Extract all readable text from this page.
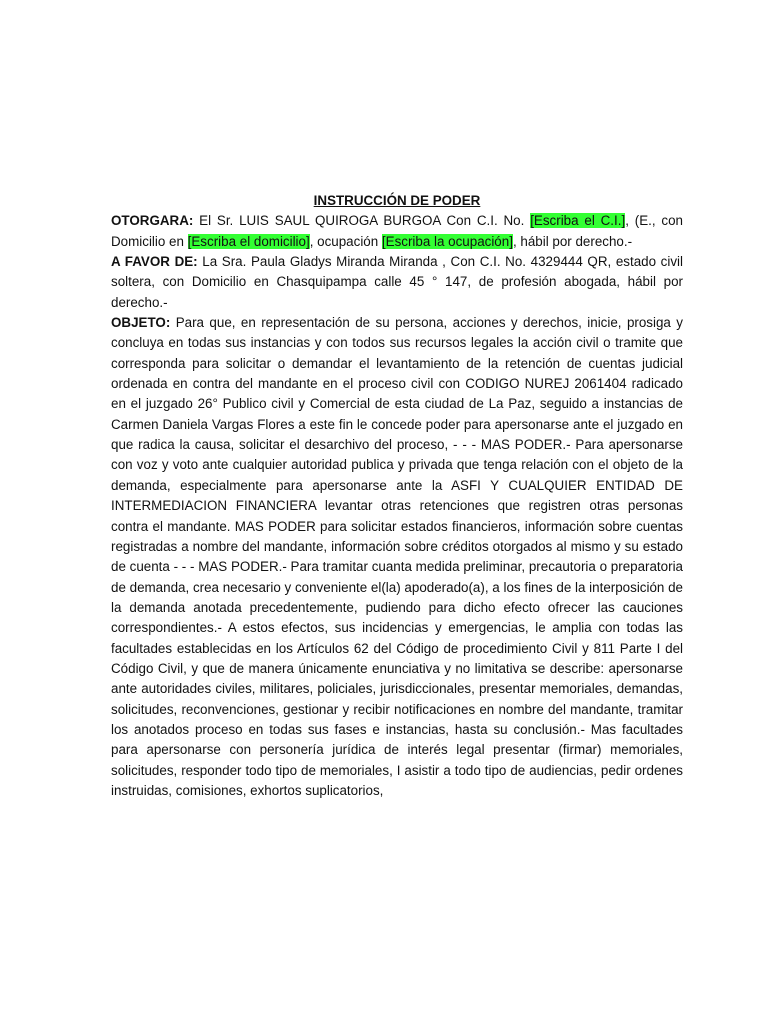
INSTRUCCIÓN DE PODER

OTORGARA: El Sr. LUIS SAUL QUIROGA BURGOA Con C.I. No. [Escriba el C.I.], (E., con Domicilio en [Escriba el domicilio], ocupación [Escriba la ocupación], hábil por derecho.-

A FAVOR DE: La Sra. Paula Gladys Miranda Miranda , Con C.I. No. 4329444 QR, estado civil soltera, con Domicilio en Chasquipampa calle 45 ° 147, de profesión abogada, hábil por derecho.-

OBJETO: Para que, en representación de su persona, acciones y derechos, inicie, prosiga y concluya en todas sus instancias y con todos sus recursos legales la acción civil o tramite que corresponda para solicitar o demandar el levantamiento de la retención de cuentas judicial ordenada en contra del mandante en el proceso civil con CODIGO NUREJ 2061404 radicado en el juzgado 26° Publico civil y Comercial de esta ciudad de La Paz, seguido a instancias de Carmen Daniela Vargas Flores a este fin le concede poder para apersonarse ante el juzgado en que radica la causa, solicitar el desarchivo del proceso, - - - MAS PODER.- Para apersonarse con voz y voto ante cualquier autoridad publica y privada que tenga relación con el objeto de la demanda, especialmente para apersonarse ante la ASFI Y CUALQUIER ENTIDAD DE INTERMEDIACION FINANCIERA levantar otras retenciones que registren otras personas contra el mandante. MAS PODER para solicitar estados financieros, información sobre cuentas registradas a nombre del mandante, información sobre créditos otorgados al mismo y su estado de cuenta - - - MAS PODER.- Para tramitar cuanta medida preliminar, precautoria o preparatoria de demanda, crea necesario y conveniente el(la) apoderado(a), a los fines de la interposición de la demanda anotada precedentemente, pudiendo para dicho efecto ofrecer las cauciones correspondientes.- A estos efectos, sus incidencias y emergencias, le amplia con todas las facultades establecidas en los Artículos 62 del Código de procedimiento Civil y 811 Parte I del Código Civil, y que de manera únicamente enunciativa y no limitativa se describe: apersonarse ante autoridades civiles, militares, policiales, jurisdiccionales, presentar memoriales, demandas, solicitudes, reconvenciones, gestionar y recibir notificaciones en nombre del mandante, tramitar los anotados proceso en todas sus fases e instancias, hasta su conclusión.- Mas facultades para apersonarse con personería jurídica de interés legal presentar (firmar) memoriales, solicitudes, responder todo tipo de memoriales, I asistir a todo tipo de audiencias, pedir ordenes instruidas, comisiones, exhortos suplicatorios,
